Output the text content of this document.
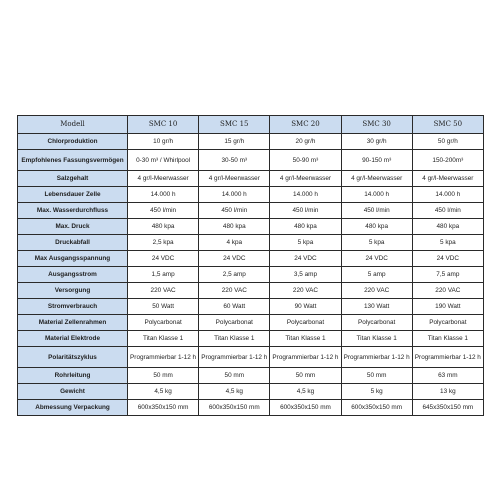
Modell	SMC 10	SMC 15	SMC 20	SMC 30	SMC 50
Chlorproduktion	10 gr/h	15 gr/h	20 gr/h	30 gr/h	50 gr/h
Empfohlenes Fassungsvermögen	0-30 m³ / Whirlpool	30-50 m³	50-90 m³	90-150 m³	150-200m³
Salzgehalt	4 gr/l-Meerwasser	4 gr/l-Meerwasser	4 gr/l-Meerwasser	4 gr/l-Meerwasser	4 gr/l-Meerwasser
Lebensdauer Zelle	14.000 h	14.000 h	14.000 h	14.000 h	14.000 h
Max. Wasserdurchfluss	450 l/min	450 l/min	450 l/min	450 l/min	450 l/min
Max. Druck	480 kpa	480 kpa	480 kpa	480 kpa	480 kpa
Druckabfall	2,5 kpa	4 kpa	5 kpa	5 kpa	5 kpa
Max Ausgangsspannung	24 VDC	24 VDC	24 VDC	24 VDC	24 VDC
Ausgangsstrom	1,5 amp	2,5 amp	3,5 amp	5 amp	7,5 amp
Versorgung	220 VAC	220 VAC	220 VAC	220 VAC	220 VAC
Stromverbrauch	50 Watt	60 Watt	90 Watt	130 Watt	190 Watt
Material Zellenrahmen	Polycarbonat	Polycarbonat	Polycarbonat	Polycarbonat	Polycarbonat
Material Elektrode	Titan Klasse 1	Titan Klasse 1	Titan Klasse 1	Titan Klasse 1	Titan Klasse 1
Polaritätszyklus	Programmierbar 1-12 h	Programmierbar 1-12 h	Programmierbar 1-12 h	Programmierbar 1-12 h	Programmierbar 1-12 h
Rohrleitung	50 mm	50 mm	50 mm	50 mm	63 mm
Gewicht	4,5 kg	4,5 kg	4,5 kg	5 kg	13 kg
Abmessung Verpackung	600x350x150 mm	600x350x150 mm	600x350x150 mm	600x350x150 mm	645x350x150 mm
